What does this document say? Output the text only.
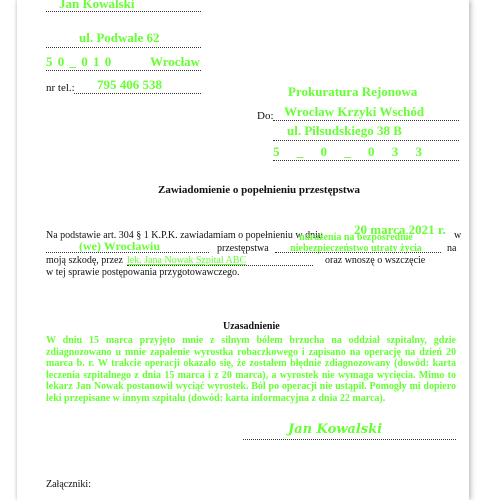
Jan Kowalski
ul. Podwale 62
5 0 _ 0 1 0	Wrocław
nr tel.: 795 406 538	Prokuratura Rejonowa
Do: Wrocław Krzyki Wschód
ul. Piłsudskiego 38 B
5 _ 0 _ 0 3 3
Zawiadomienie o popełnieniu przestępstwa
Na podstawie art. 304 § 1 K.P.K. zawiadamiam o popełnieniu w dniu 20 marca 2021 r. w
(we) Wrocławiu	przestępstwa
narażenia na bezpośrednie niebezpieczeństwo utraty życia	na
moją szkodę, przez lek. Jana Nowak Szpital ABC	oraz wnoszę o wszczęcie
w tej sprawie postępowania przygotowawczego.
Uzasadnienie
W dniu 15 marca przyjęto mnie z silnym bólem brzucha na oddział szpitalny, gdzie zdiagnozowano u mnie zapalenie wyrostka robaczkowego i zapisano na operację na dzień 20 marca b. r. W trakcie operacji okazało się, że zostałem błędnie zdiagnozowany (dowód: karta leczenia szpitalnego z dnia 15 marca i z 20 marca), a wyrostek nie wymaga wycięcia. Mimo to lekarz Jan Nowak postanowił wyciąć wyrostek. Ból po operacji nie ustąpił. Pomogły mi dopiero leki przepisane w innym szpitalu (dowód: karta informacyjna z dnia 22 marca).
Jan Kowalski
Załączniki:
